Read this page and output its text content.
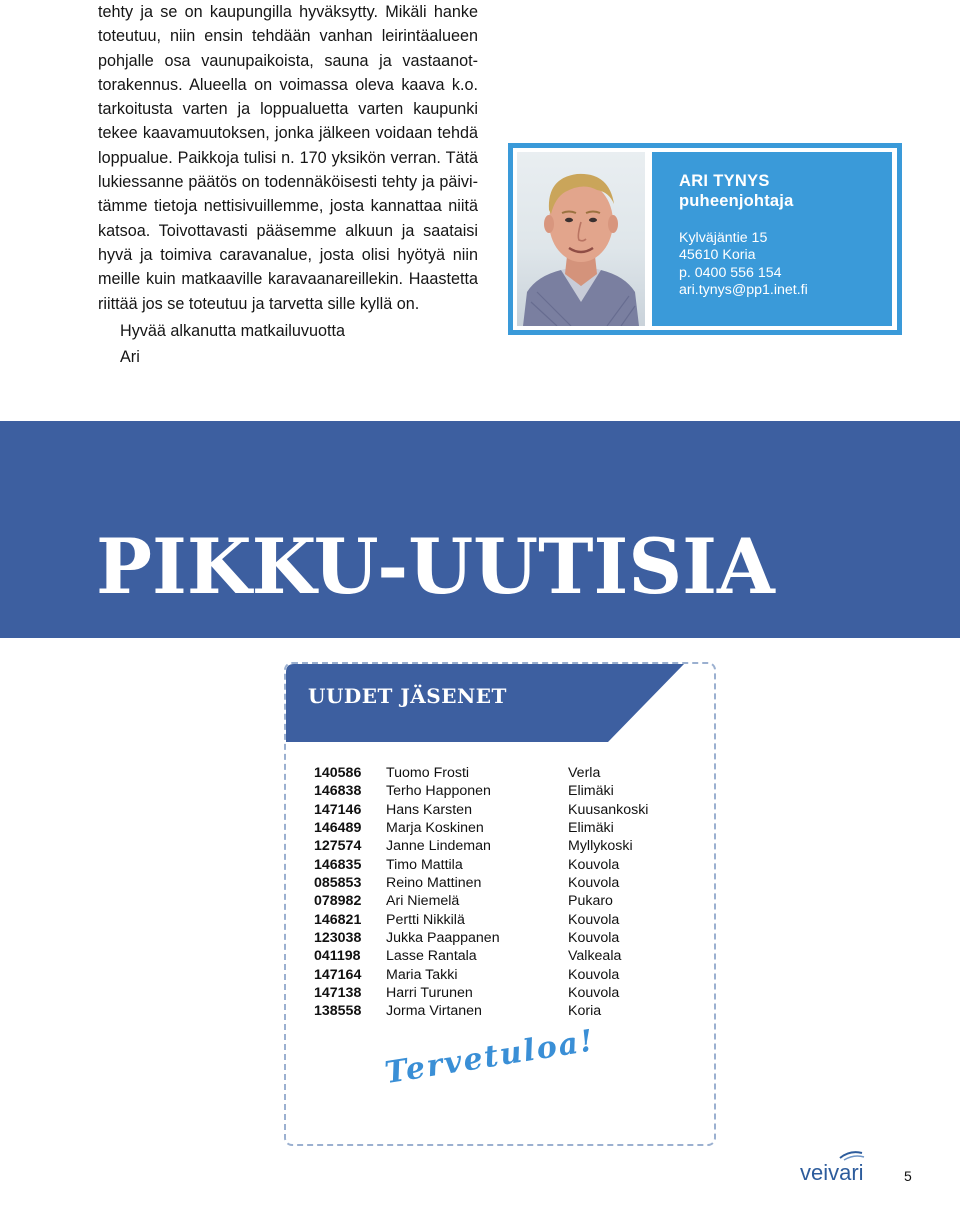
tehty ja se on kaupungilla hyväksytty. Mikäli hanke

toteutuu, niin ensin tehdään vanhan leirintäalueen

pohjalle osa vaunupaikoista, sauna ja vastaanot-

torakennus. Alueella on voimassa oleva kaava k.o.

tarkoitusta varten ja loppualuetta varten kaupunki

tekee kaavamuutoksen, jonka jälkeen voidaan tehdä

loppualue. Paikkoja tulisi n. 170 yksikön verran. Tätä

lukiessanne päätös on todennäköisesti tehty ja päivi-

tämme tietoja nettisivuillemme, josta kannattaa niitä

katsoa. Toivottavasti pääsemme alkuun ja saataisi

hyvä ja toimiva caravanalue, josta olisi hyötyä niin

meille kuin matkaaville karavaanareillekin. Haastetta

riittää jos se toteutuu ja tarvetta sille kyllä on.

Hyvää alkanutta matkailuvuotta
Ari
ARI TYNYS
puheenjohtaja
Kylväjäntie 15
45610 Koria
p. 0400 556 154
ari.tynys@pp1.inet.fi
PIKKU-UUTISIA
UUDET JÄSENET
140586 Tuomo Frosti	Verla
146838 Terho Happonen	Elimäki
147146 Hans Karsten	Kuusankoski
146489 Marja Koskinen	Elimäki
127574 Janne Lindeman	Myllykoski
146835 Timo Mattila	Kouvola
085853 Reino Mattinen	Kouvola
078982 Ari Niemelä	Pukaro
146821 Pertti Nikkilä	Kouvola
123038 Jukka Paappanen	Kouvola
041198 Lasse Rantala	Valkeala
147164 Maria Takki	Kouvola
147138 Harri Turunen	Kouvola
138558 Jorma Virtanen	Koria
Tervetuloa!
veivari	5
